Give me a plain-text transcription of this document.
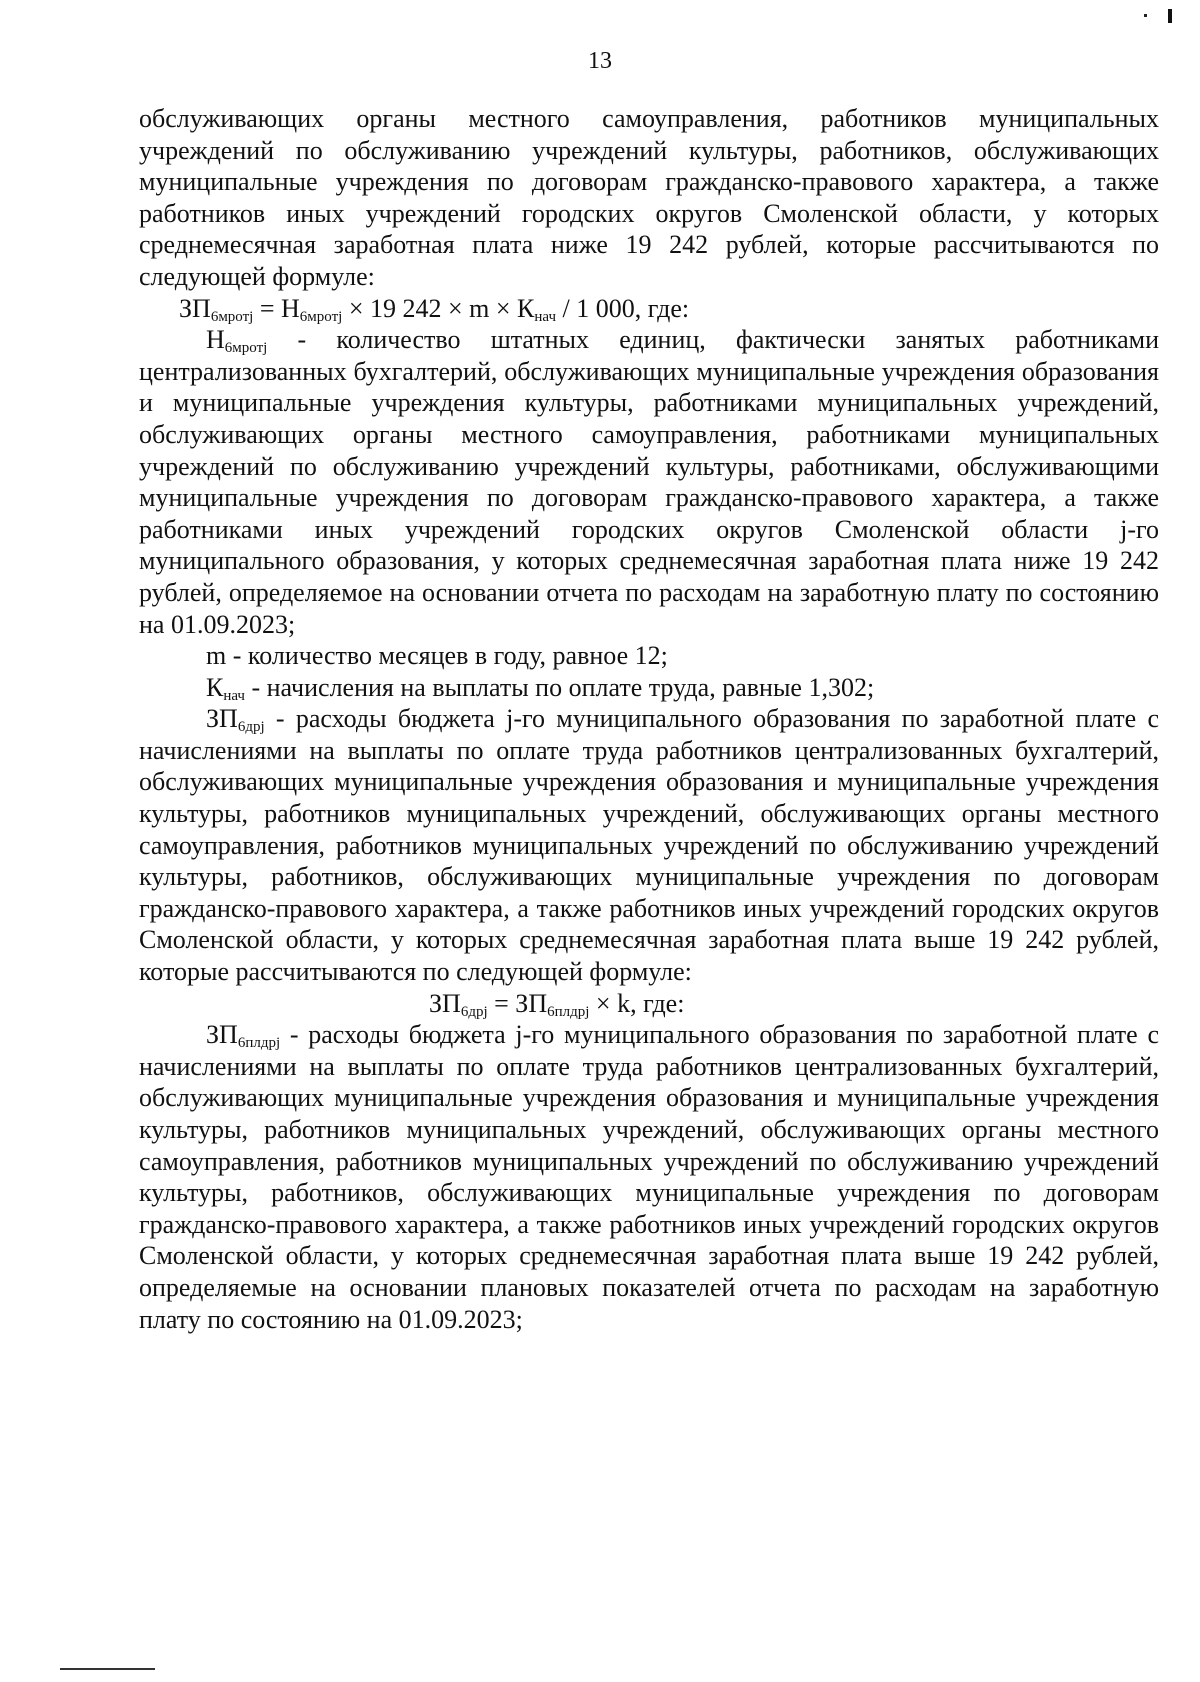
13

обслуживающих органы местного самоуправления, работников муниципальных учреждений по обслуживанию учреждений культуры, работников, обслуживающих муниципальные учреждения по договорам гражданско-правового характера, а также работников иных учреждений городских округов Смоленской области, у которых среднемесячная заработная плата ниже 19 242 рублей, которые рассчитываются по следующей формуле:

$ЗП_{6мротj} = Н_{6мротj} \times 19$ $242 \times m \times К_{нач} / 1$ 000, где:

$Н_{6мротj}$ - количество штатных единиц, фактически занятых работниками централизованных бухгалтерий, обслуживающих муниципальные учреждения образования и муниципальные учреждения культуры, работниками муниципальных учреждений, обслуживающих органы местного самоуправления, работниками муниципальных учреждений по обслуживанию учреждений культуры, работниками, обслуживающими муниципальные учреждения по договорам гражданско-правового характера, а также работниками иных учреждений городских округов Смоленской области j-го муниципального образования, у которых среднемесячная заработная плата ниже 19 242 рублей, определяемое на основании отчета по расходам на заработную плату по состоянию на 01.09.2023;

m - количество месяцев в году, равное 12;

$К_{нач}$ - начисления на выплаты по оплате труда, равные 1,302;

$ЗП_{6дрj}$ - расходы бюджета j-го муниципального образования по заработной плате с начислениями на выплаты по оплате труда работников централизованных бухгалтерий, обслуживающих муниципальные учреждения образования и муниципальные учреждения культуры, работников муниципальных учреждений, обслуживающих органы местного самоуправления, работников муниципальных учреждений по обслуживанию учреждений культуры, работников, обслуживающих муниципальные учреждения по договорам гражданско-правового характера, а также работников иных учреждений городских округов Смоленской области, у которых среднемесячная заработная плата выше 19 242 рублей, которые рассчитываются по следующей формуле:

$ЗП_{6дрj} = ЗП_{6плдрj} \times k$, где:

$ЗП_{6плдрj}$ - расходы бюджета j-го муниципального образования по заработной плате с начислениями на выплаты по оплате труда работников централизованных бухгалтерий, обслуживающих муниципальные учреждения образования и муниципальные учреждения культуры, работников муниципальных учреждений, обслуживающих органы местного самоуправления, работников муниципальных учреждений по обслуживанию учреждений культуры, работников, обслуживающих муниципальные учреждения по договорам гражданско-правового характера, а также работников иных учреждений городских округов Смоленской области, у которых среднемесячная заработная плата выше 19 242 рублей, определяемые на основании плановых показателей отчета по расходам на заработную плату по состоянию на 01.09.2023;
